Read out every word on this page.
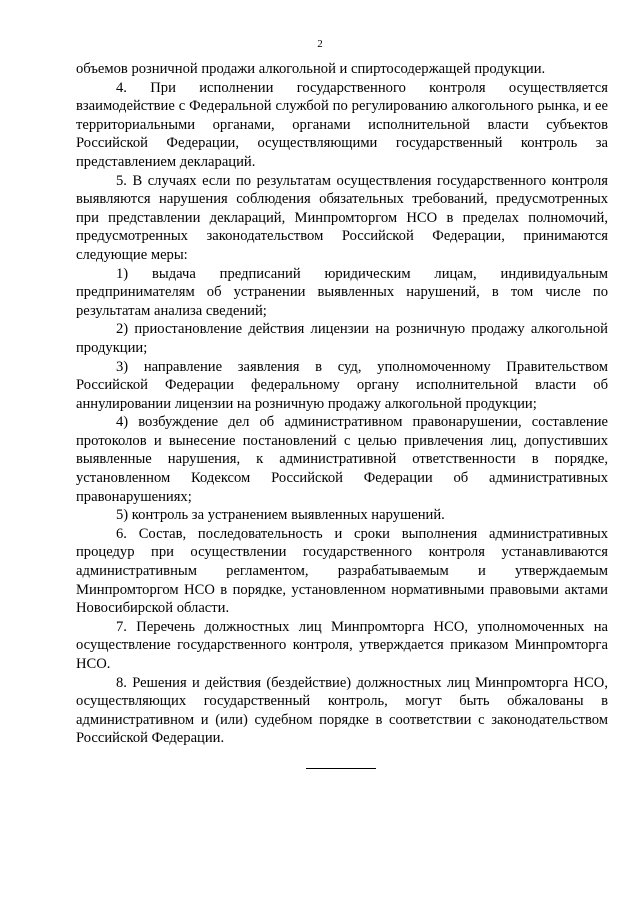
2

объемов розничной продажи алкогольной и спиртосодержащей продукции.

4. При исполнении государственного контроля осуществляется взаимодействие с Федеральной службой по регулированию алкогольного рынка, и ее территориальными органами, органами исполнительной власти субъектов Российской Федерации, осуществляющими государственный контроль за представлением деклараций.

5. В случаях если по результатам осуществления государственного контроля выявляются нарушения соблюдения обязательных требований, предусмотренных при представлении деклараций, Минпромторгом НСО в пределах полномочий, предусмотренных законодательством Российской Федерации, принимаются следующие меры:

1) выдача предписаний юридическим лицам, индивидуальным предпринимателям об устранении выявленных нарушений, в том числе по результатам анализа сведений;

2) приостановление действия лицензии на розничную продажу алкогольной продукции;

3) направление заявления в суд, уполномоченному Правительством Российской Федерации федеральному органу исполнительной власти об аннулировании лицензии на розничную продажу алкогольной продукции;

4) возбуждение дел об административном правонарушении, составление протоколов и вынесение постановлений с целью привлечения лиц, допустивших выявленные нарушения, к административной ответственности в порядке, установленном Кодексом Российской Федерации об административных правонарушениях;

5) контроль за устранением выявленных нарушений.

6. Состав, последовательность и сроки выполнения административных процедур при осуществлении государственного контроля устанавливаются административным регламентом, разрабатываемым и утверждаемым Минпромторгом НСО в порядке, установленном нормативными правовыми актами Новосибирской области.

7. Перечень должностных лиц Минпромторга НСО, уполномоченных на осуществление государственного контроля, утверждается приказом Минпромторга НСО.

8. Решения и действия (бездействие) должностных лиц Минпромторга НСО, осуществляющих государственный контроль, могут быть обжалованы в административном и (или) судебном порядке в соответствии с законодательством Российской Федерации.
